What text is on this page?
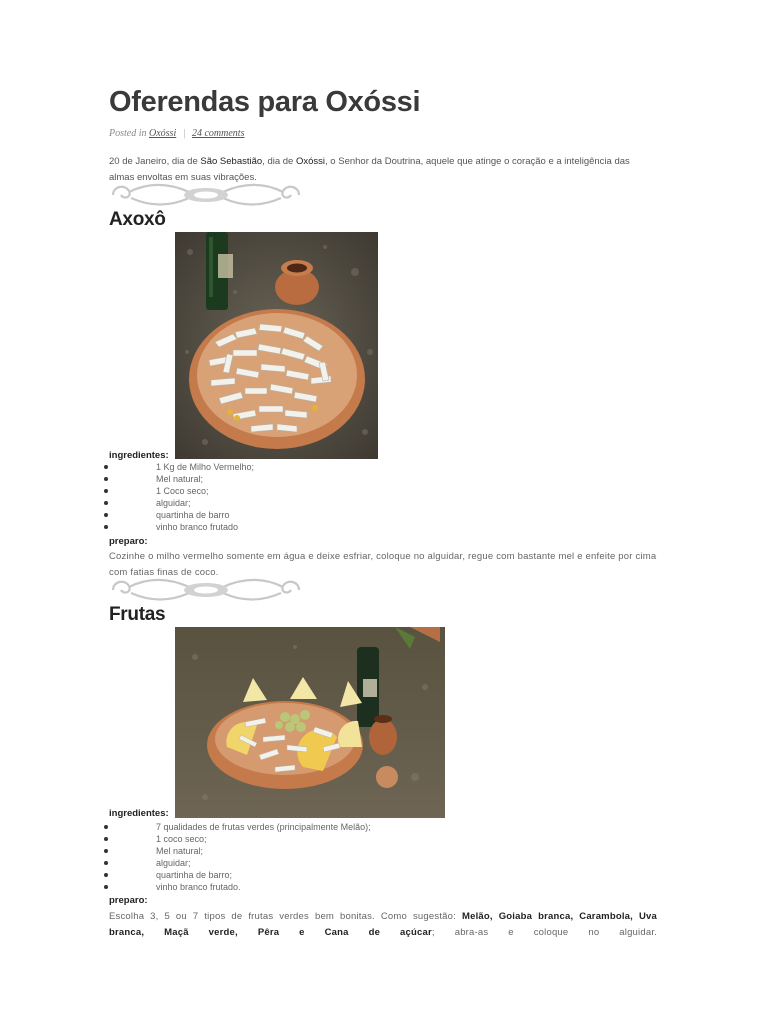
Oferendas para Oxóssi
Posted in Oxóssi | 24 comments

20 de Janeiro, dia de São Sebastião, dia de Oxóssi, o Senhor da Doutrina, aquele que atinge o coração e a inteligência das almas envoltas em suas vibrações.

Axoxô
ingredientes:
1 Kg de Milho Vermelho;
Mel natural;
1 Coco seco;
alguidar;
quartinha de barro
vinho branco frutado
preparo:

Cozinhe o milho vermelho somente em água e deixe esfriar, coloque no alguidar, regue com bastante mel e enfeite por cima com fatias finas de coco.

Frutas
ingredientes:
7 qualidades de frutas verdes (principalmente Melão);
1 coco seco;
Mel natural;
alguidar;
quartinha de barro;
vinho branco frutado.
preparo:
Escolha 3, 5 ou 7 tipos de frutas verdes bem bonitas. Como sugestão: Melão, Goiaba branca, Carambola, Uva
branca, Maçã verde, Pêra e Cana de açúcar; abra-as e coloque no alguidar.
